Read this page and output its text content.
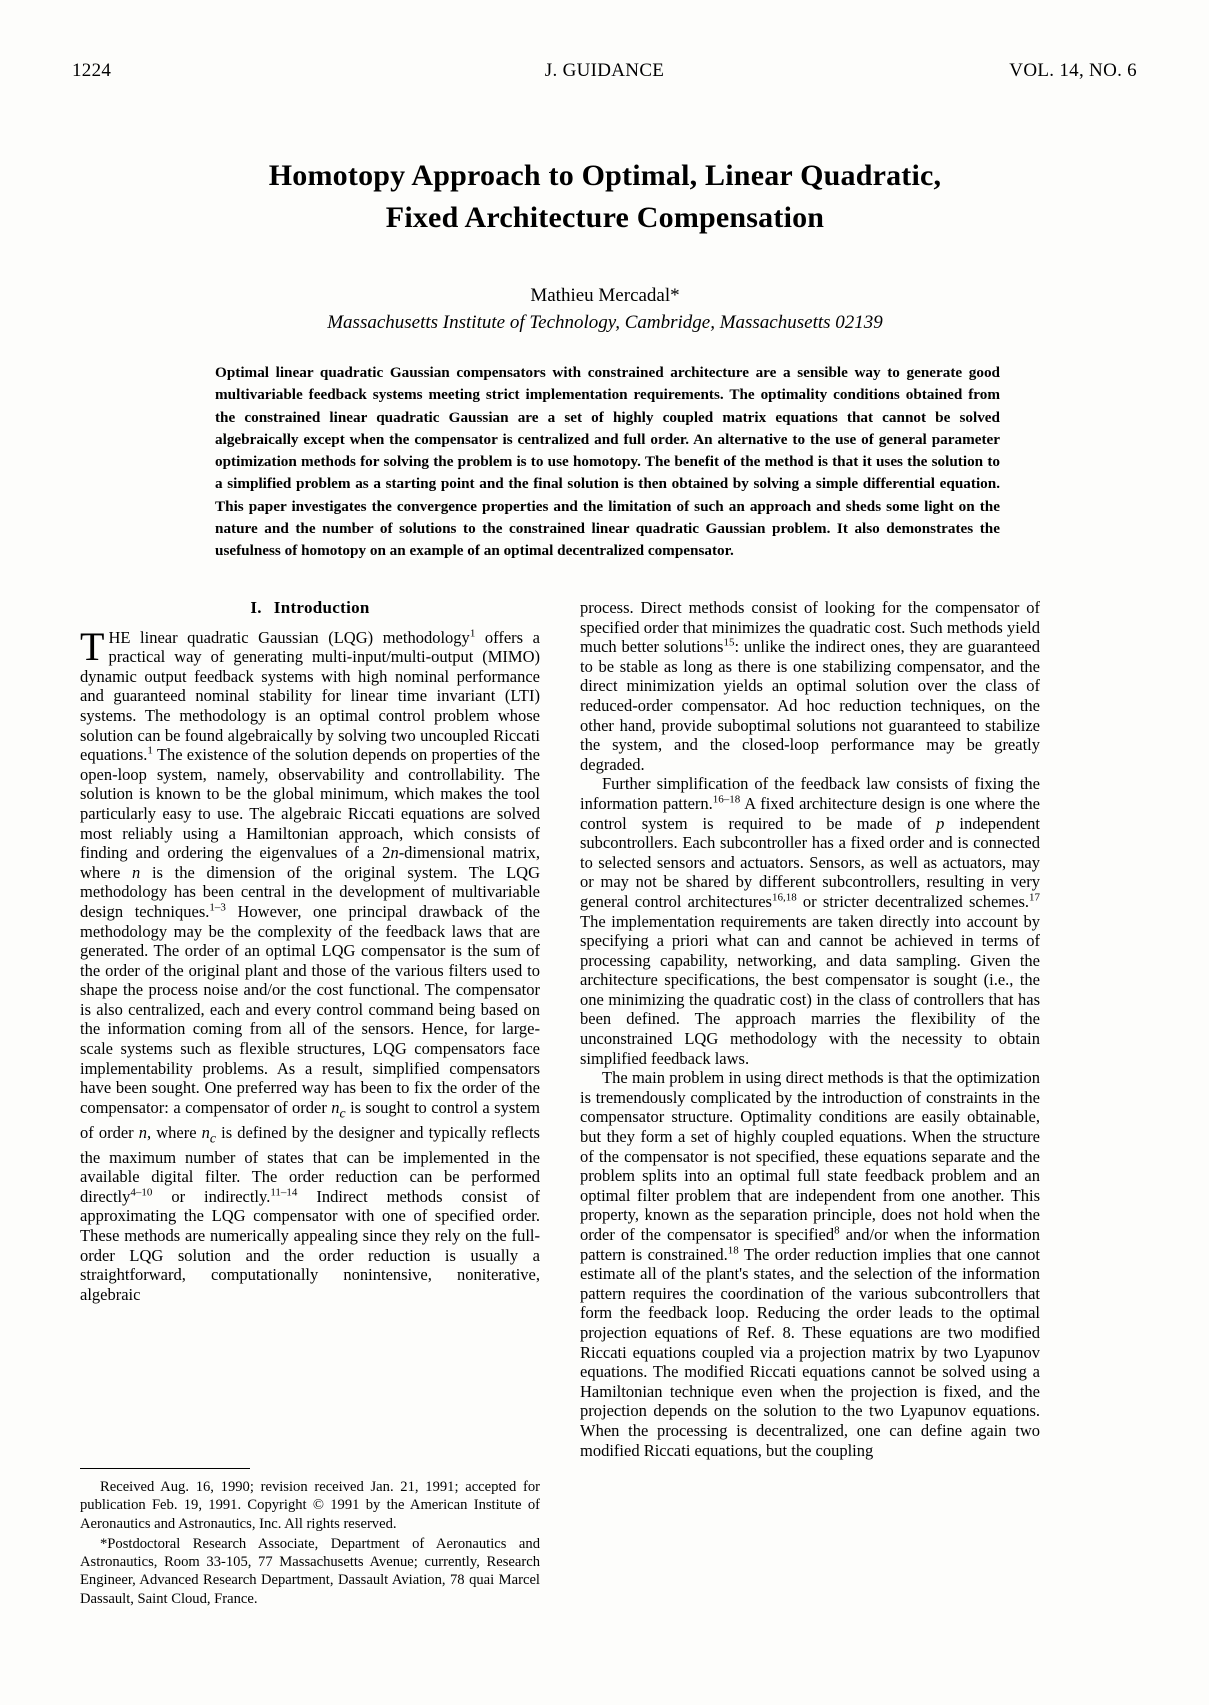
1224	J. GUIDANCE	VOL. 14, NO. 6
Homotopy Approach to Optimal, Linear Quadratic,
Fixed Architecture Compensation
Mathieu Mercadal*
Massachusetts Institute of Technology, Cambridge, Massachusetts 02139
Optimal linear quadratic Gaussian compensators with constrained architecture are a sensible way to generate good multivariable feedback systems meeting strict implementation requirements. The optimality conditions obtained from the constrained linear quadratic Gaussian are a set of highly coupled matrix equations that cannot be solved algebraically except when the compensator is centralized and full order. An alternative to the use of general parameter optimization methods for solving the problem is to use homotopy. The benefit of the method is that it uses the solution to a simplified problem as a starting point and the final solution is then obtained by solving a simple differential equation. This paper investigates the convergence properties and the limitation of such an approach and sheds some light on the nature and the number of solutions to the constrained linear quadratic Gaussian problem. It also demonstrates the usefulness of homotopy on an example of an optimal decentralized compensator.
I. Introduction

THE linear quadratic Gaussian (LQG) methodology$^1$ offers a practical way of generating multi-input/multi-output (MIMO) dynamic output feedback systems with high nominal performance and guaranteed nominal stability for linear time invariant (LTI) systems. The methodology is an optimal control problem whose solution can be found algebraically by solving two uncoupled Riccati equations.$^1$ The existence of the solution depends on properties of the open-loop system, namely, observability and controllability. The solution is known to be the global minimum, which makes the tool particularly easy to use. The algebraic Riccati equations are solved most reliably using a Hamiltonian approach, which consists of finding and ordering the eigenvalues of a 2n-dimensional matrix, where n is the dimension of the original system. The LQG methodology has been central in the development of multivariable design techniques.$^{1-3}$ However, one principal drawback of the methodology may be the complexity of the feedback laws that are generated. The order of an optimal LQG compensator is the sum of the order of the original plant and those of the various filters used to shape the process noise and/or the cost functional. The compensator is also centralized, each and every control command being based on the information coming from all of the sensors. Hence, for large-scale systems such as flexible structures, LQG compensators face implementability problems. As a result, simplified compensators have been sought. One preferred way has been to fix the order of the compensator: a compensator of order $n_c$ is sought to control a system of order n, where $n_c$ is defined by the designer and typically reflects the maximum number of states that can be implemented in the available digital filter. The order reduction can be performed directly$^{4-10}$ or indirectly.$^{11-14}$ Indirect methods consist of approximating the LQG compensator with one of specified order. These methods are numerically appealing since they rely on the full-order LQG solution and the order reduction is usually a straightforward, computationally nonintensive, noniterative, algebraic

process. Direct methods consist of looking for the compensator of specified order that minimizes the quadratic cost. Such methods yield much better solutions$^{15}$: unlike the indirect ones, they are guaranteed to be stable as long as there is one stabilizing compensator, and the direct minimization yields an optimal solution over the class of reduced-order compensator. Ad hoc reduction techniques, on the other hand, provide suboptimal solutions not guaranteed to stabilize the system, and the closed-loop performance may be greatly degraded.

Further simplification of the feedback law consists of fixing the information pattern.$^{16-18}$ A fixed architecture design is one where the control system is required to be made of p independent subcontrollers. Each subcontroller has a fixed order and is connected to selected sensors and actuators. Sensors, as well as actuators, may or may not be shared by different subcontrollers, resulting in very general control architectures$^{16,18}$ or stricter decentralized schemes.$^{17}$ The implementation requirements are taken directly into account by specifying a priori what can and cannot be achieved in terms of processing capability, networking, and data sampling. Given the architecture specifications, the best compensator is sought (i.e., the one minimizing the quadratic cost) in the class of controllers that has been defined. The approach marries the flexibility of the unconstrained LQG methodology with the necessity to obtain simplified feedback laws.

The main problem in using direct methods is that the optimization is tremendously complicated by the introduction of constraints in the compensator structure. Optimality conditions are easily obtainable, but they form a set of highly coupled equations. When the structure of the compensator is not specified, these equations separate and the problem splits into an optimal full state feedback problem and an optimal filter problem that are independent from one another. This property, known as the separation principle, does not hold when the order of the compensator is specified$^8$ and/or when the information pattern is constrained.$^{18}$ The order reduction implies that one cannot estimate all of the plant's states, and the selection of the information pattern requires the coordination of the various subcontrollers that form the feedback loop. Reducing the order leads to the optimal projection equations of Ref. 8. These equations are two modified Riccati equations coupled via a projection matrix by two Lyapunov equations. The modified Riccati equations cannot be solved using a Hamiltonian technique even when the projection is fixed, and the projection depends on the solution to the two Lyapunov equations. When the processing is decentralized, one can define again two modified Riccati equations, but the coupling

Received Aug. 16, 1990; revision received Jan. 21, 1991; accepted for publication Feb. 19, 1991. Copyright © 1991 by the American Institute of Aeronautics and Astronautics, Inc. All rights reserved.

*Postdoctoral Research Associate, Department of Aeronautics and Astronautics, Room 33-105, 77 Massachusetts Avenue; currently, Research Engineer, Advanced Research Department, Dassault Aviation, 78 quai Marcel Dassault, Saint Cloud, France.
